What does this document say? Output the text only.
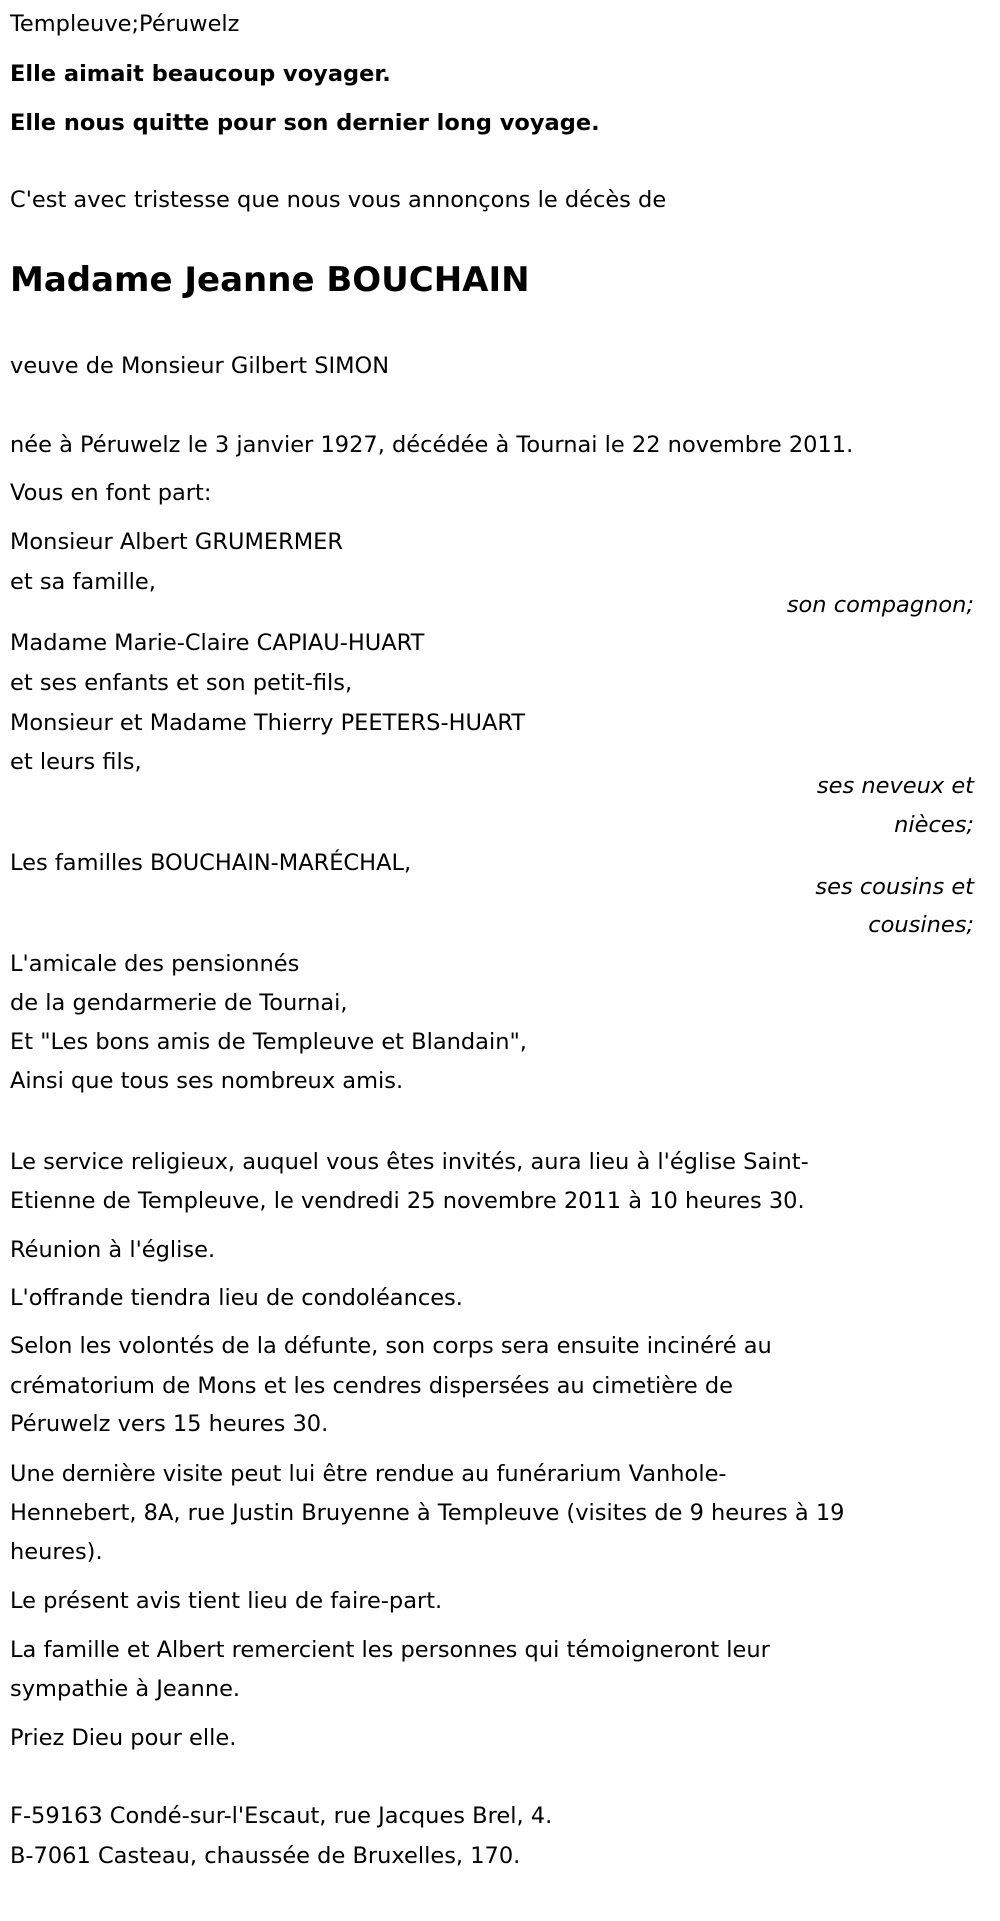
Templeuve;Péruwelz
Elle aimait beaucoup voyager.
Elle nous quitte pour son dernier long voyage.
C'est avec tristesse que nous vous annonçons le décès de
Madame Jeanne BOUCHAIN
veuve de Monsieur Gilbert SIMON
née à Péruwelz le 3 janvier 1927, décédée à Tournai le 22 novembre 2011.
Vous en font part:
Monsieur Albert GRUMERMER
et sa famille,
son compagnon;
Madame Marie-Claire CAPIAU-HUART
et ses enfants et son petit-fils,
Monsieur et Madame Thierry PEETERS-HUART
et leurs fils,
ses neveux et
nièces;
Les familles BOUCHAIN-MARÉCHAL,
ses cousins et
cousines;
L'amicale des pensionnés
de la gendarmerie de Tournai,
Et "Les bons amis de Templeuve et Blandain",
Ainsi que tous ses nombreux amis.
Le service religieux, auquel vous êtes invités, aura lieu à l'église Saint-
Etienne de Templeuve, le vendredi 25 novembre 2011 à 10 heures 30.
Réunion à l'église.
L'offrande tiendra lieu de condoléances.
Selon les volontés de la défunte, son corps sera ensuite incinéré au
crématorium de Mons et les cendres dispersées au cimetière de
Péruwelz vers 15 heures 30.
Une dernière visite peut lui être rendue au funérarium Vanhole-
Hennebert, 8A, rue Justin Bruyenne à Templeuve (visites de 9 heures à 19
heures).
Le présent avis tient lieu de faire-part.
La famille et Albert remercient les personnes qui témoigneront leur
sympathie à Jeanne.
Priez Dieu pour elle.
F-59163 Condé-sur-l'Escaut, rue Jacques Brel, 4.
B-7061 Casteau, chaussée de Bruxelles, 170.
